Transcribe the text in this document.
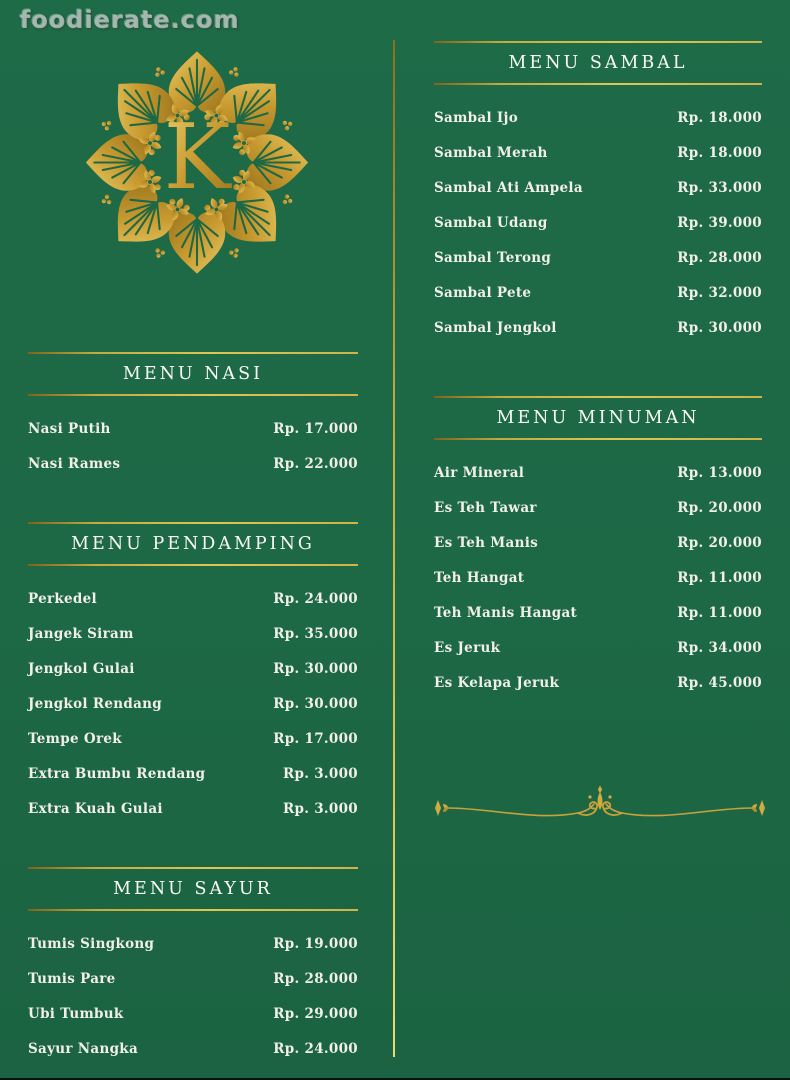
foodierate.com
K
MENU NASI
Nasi Putih	Rp. 17.000
Nasi Rames	Rp. 22.000
MENU PENDAMPING
Perkedel	Rp. 24.000
Jangek Siram	Rp. 35.000
Jengkol Gulai	Rp. 30.000
Jengkol Rendang	Rp. 30.000
Tempe Orek	Rp. 17.000
Extra Bumbu Rendang	Rp. 3.000
Extra Kuah Gulai	Rp. 3.000
MENU SAYUR
Tumis Singkong	Rp. 19.000
Tumis Pare	Rp. 28.000
Ubi Tumbuk	Rp. 29.000
Sayur Nangka	Rp. 24.000
MENU SAMBAL
Sambal Ijo	Rp. 18.000
Sambal Merah	Rp. 18.000
Sambal Ati Ampela	Rp. 33.000
Sambal Udang	Rp. 39.000
Sambal Terong	Rp. 28.000
Sambal Pete	Rp. 32.000
Sambal Jengkol	Rp. 30.000
MENU MINUMAN
Air Mineral	Rp. 13.000
Es Teh Tawar	Rp. 20.000
Es Teh Manis	Rp. 20.000
Teh Hangat	Rp. 11.000
Teh Manis Hangat	Rp. 11.000
Es Jeruk	Rp. 34.000
Es Kelapa Jeruk	Rp. 45.000
